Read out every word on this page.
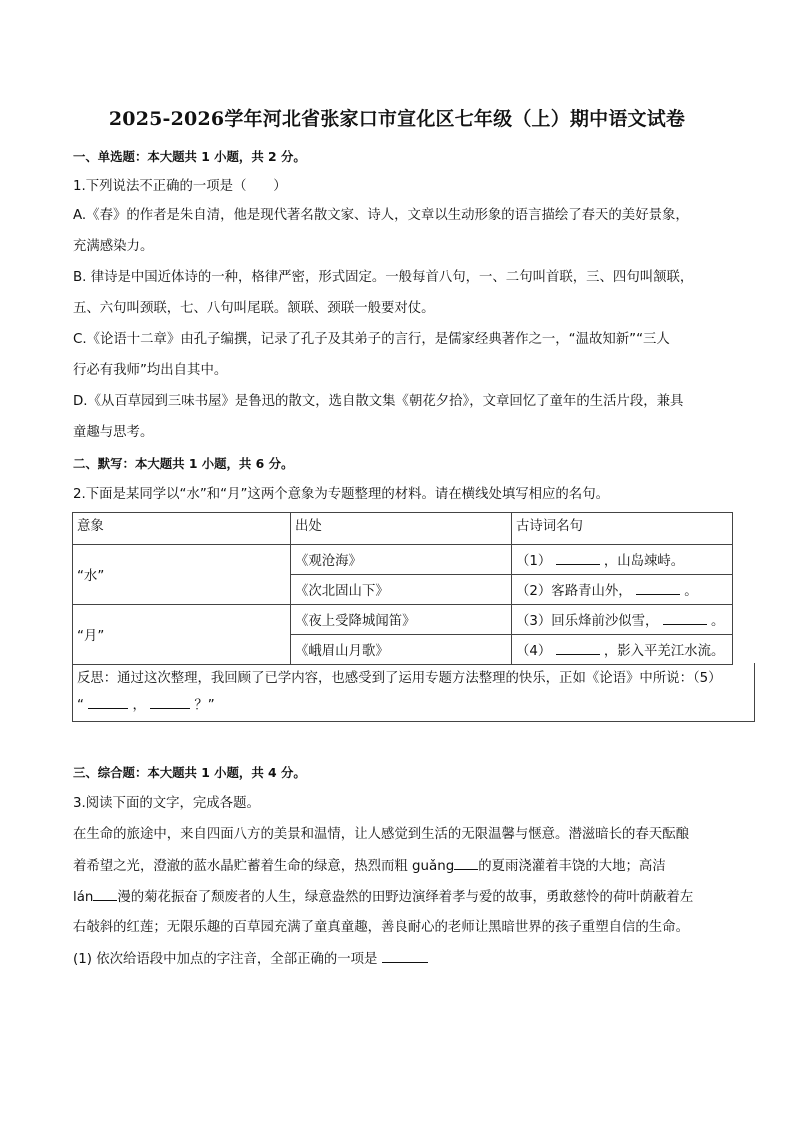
2025-2026学年河北省张家口市宣化区七年级（上）期中语文试卷
一、单选题：本大题共 1 小题，共 2 分。
1.下列说法不正确的一项是（　　）
A.《春》的作者是朱自清，他是现代著名散文家、诗人，文章以生动形象的语言描绘了春天的美好景象，
充满感染力。
B. 律诗是中国近体诗的一种，格律严密，形式固定。一般每首八句，一、二句叫首联，三、四句叫颔联，
五、六句叫颈联，七、八句叫尾联。颔联、颈联一般要对仗。
C.《论语十二章》由孔子编撰，记录了孔子及其弟子的言行，是儒家经典著作之一，“温故知新”“三人
行必有我师”均出自其中。
D.《从百草园到三味书屋》是鲁迅的散文，选自散文集《朝花夕拾》，文章回忆了童年的生活片段，兼具
童趣与思考。
二、默写：本大题共 1 小题，共 6 分。
2.下面是某同学以“水”和“月”这两个意象为专题整理的材料。请在横线处填写相应的名句。
意象	出处	古诗词名句
“水”	《观沧海》	（1） ，山岛竦峙。
	《次北固山下》	（2）客路青山外， 。
“月”	《夜上受降城闻笛》	（3）回乐烽前沙似雪， 。
	《峨眉山月歌》	（4） ，影入平羌江水流。
反思：通过这次整理，我回顾了已学内容，也感受到了运用专题方法整理的快乐，正如《论语》中所说：（5）
“	，	？”
三、综合题：本大题共 1 小题，共 4 分。
3.阅读下面的文字，完成各题。
在生命的旅途中，来自四面八方的美景和温情，让人感觉到生活的无限温馨与惬意。潜滋暗长的春天酝酿
着希望之光，澄澈的蓝水晶贮蓄着生命的绿意，热烈而粗 guǎng 的夏雨浇灌着丰饶的大地；高洁
lán 漫的菊花振奋了颓废者的人生，绿意盎然的田野边演绎着孝与爱的故事，勇敢慈怜的荷叶荫蔽着左
右敧斜的红莲；无限乐趣的百草园充满了童真童趣，善良耐心的老师让黑暗世界的孩子重塑自信的生命。
(1) 依次给语段中加点的字注音，全部正确的一项是
